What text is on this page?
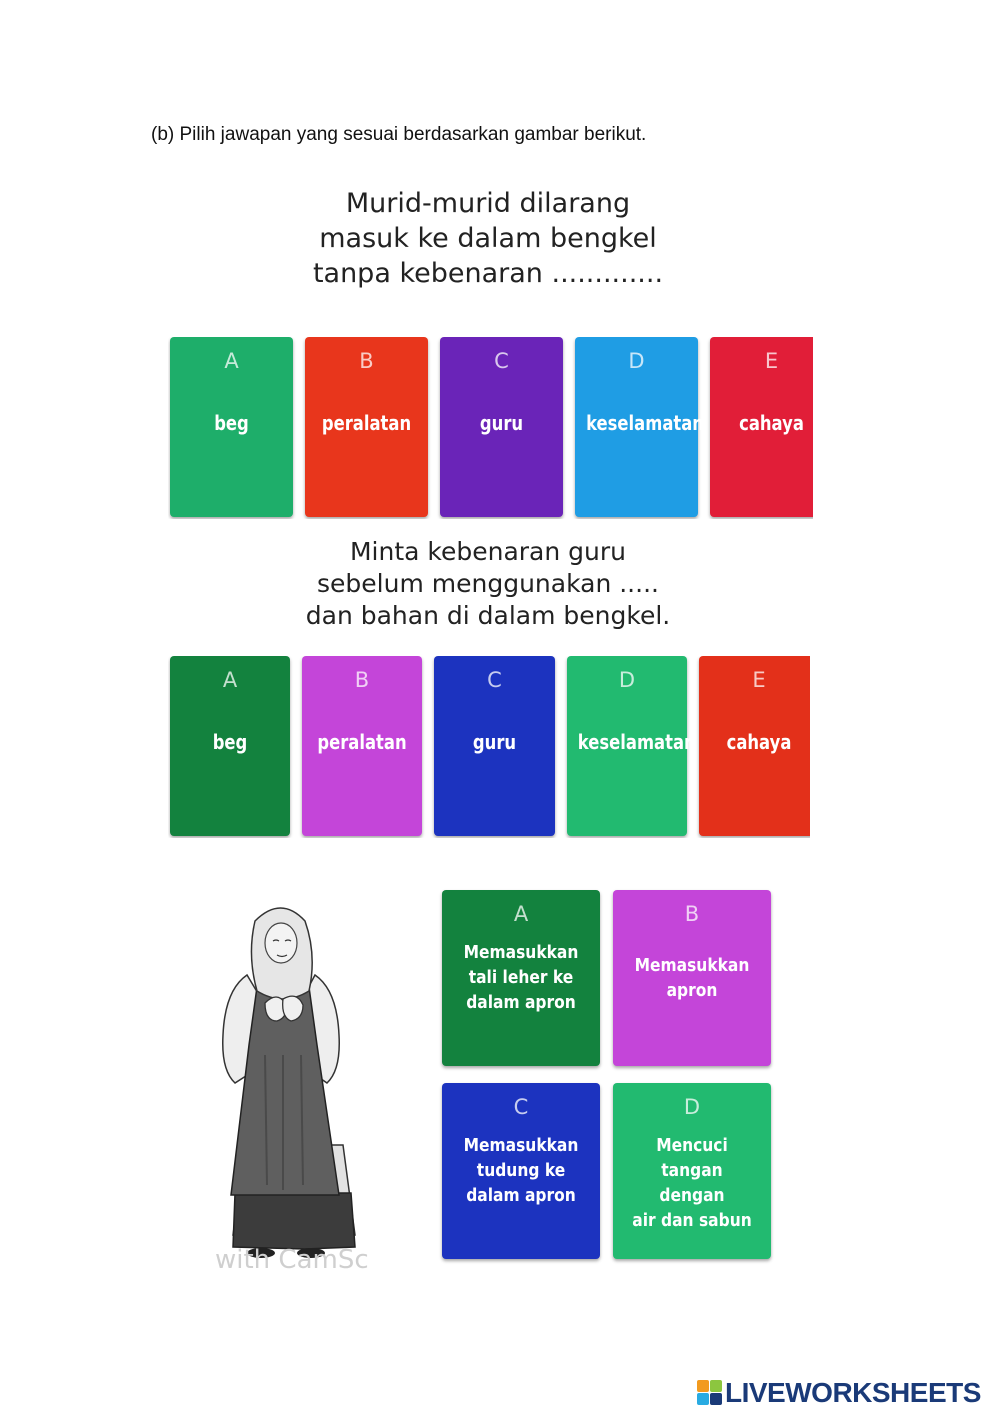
(b) Pilih jawapan yang sesuai berdasarkan gambar berikut.
Murid-murid dilarang
masuk ke dalam bengkel
tanpa kebenaran .............
A
beg
B
peralatan
C
guru
D
keselamatan
E
cahaya
Minta kebenaran guru
sebelum menggunakan .....
dan bahan di dalam bengkel.
A
beg
B
peralatan
C
guru
D
keselamatan
E
cahaya
with CamSc
A
Memasukkan
tali leher ke
dalam apron
B
Memasukkan
apron
C
Memasukkan
tudung ke
dalam apron
D
Mencuci
tangan dengan
air dan sabun
LIVEWORKSHEETS
